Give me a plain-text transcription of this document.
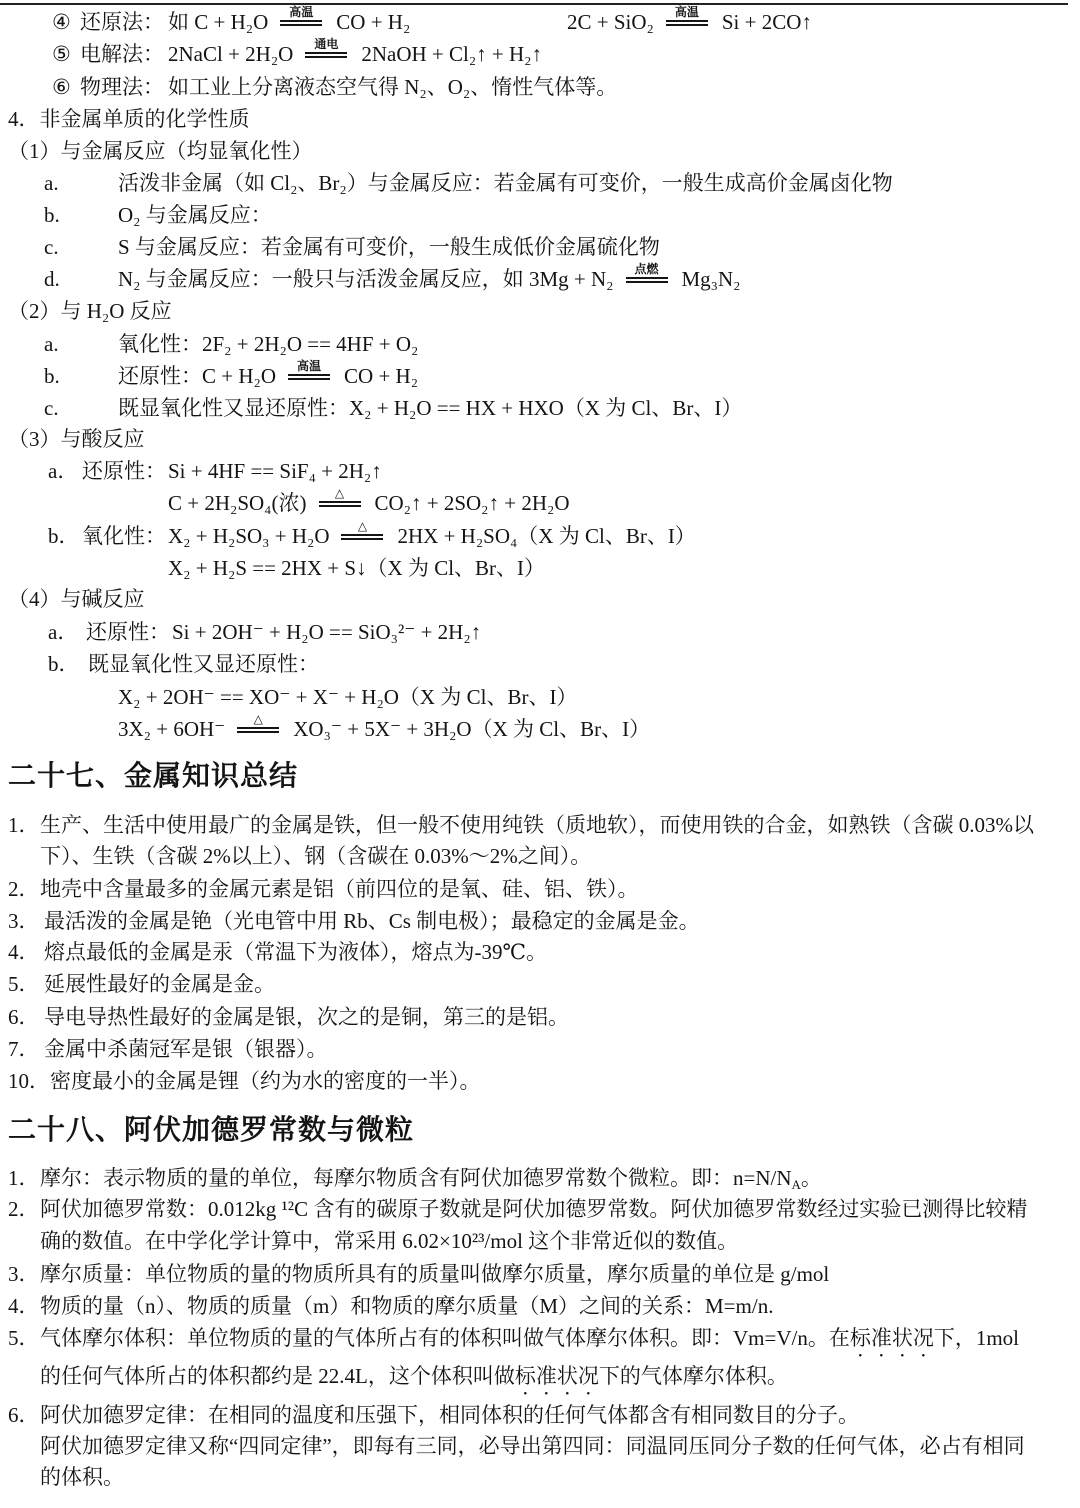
④ 还原法： 如 C + H₂O	高温	CO + H₂	2C + SiO₂	高温	Si + 2CO↑
⑤ 电解法： 2NaCl + 2H₂O	通电	2NaOH + Cl₂↑ + H₂↑
⑥ 物理法： 如工业上分离液态空气得 N₂、O₂、惰性气体等。
4．非金属单质的化学性质
（1）与金属反应（均显氧化性）
a.	活泼非金属（如 Cl₂、Br₂）与金属反应：若金属有可变价，一般生成高价金属卤化物
b.	O₂ 与金属反应：
c.	S 与金属反应：若金属有可变价，一般生成低价金属硫化物
d.	N₂ 与金属反应：一般只与活泼金属反应，如 3Mg + N₂	点燃	Mg₃N₂
（2）与 H₂O 反应
a.	氧化性：2F₂ + 2H₂O == 4HF + O₂
b.	还原性：C + H₂O	高温	CO + H₂
c.	既显氧化性又显还原性：X₂ + H₂O == HX + HXO（X 为 Cl、Br、I）
（3）与酸反应
a． 还原性： Si + 4HF == SiF₄ + 2H₂↑
C + 2H₂SO₄(浓)	△	CO₂↑ + 2SO₂↑ + 2H₂O
b． 氧化性： X₂ + H₂SO₃ + H₂O	△	2HX + H₂SO₄（X 为 Cl、Br、I）
X₂ + H₂S == 2HX + S↓（X 为 Cl、Br、I）
（4）与碱反应
a． 还原性： Si + 2OH⁻ + H₂O == SiO₃²⁻ + 2H₂↑
b． 既显氧化性又显还原性：
X₂ + 2OH⁻ == XO⁻ + X⁻ + H₂O（X 为 Cl、Br、I）
3X₂ + 6OH⁻	△	XO₃⁻ + 5X⁻ + 3H₂O（X 为 Cl、Br、I）
二十七、金属知识总结
1． 生产、生活中使用最广的金属是铁，但一般不使用纯铁（质地软），而使用铁的合金，如熟铁（含碳 0.03%以
下）、生铁（含碳 2%以上）、钢（含碳在 0.03%～2%之间）。
2． 地壳中含量最多的金属元素是铝（前四位的是氧、硅、铝、铁）。
3． 最活泼的金属是铯（光电管中用 Rb、Cs 制电极）；最稳定的金属是金。
4． 熔点最低的金属是汞（常温下为液体），熔点为-39℃。
5． 延展性最好的金属是金。
6． 导电导热性最好的金属是银，次之的是铜，第三的是铝。
7． 金属中杀菌冠军是银（银器）。
10． 密度最小的金属是锂（约为水的密度的一半）。
二十八、阿伏加德罗常数与微粒
1． 摩尔：表示物质的量的单位，每摩尔物质含有阿伏加德罗常数个微粒。即：$n=N/N_A$。
2． 阿伏加德罗常数：0.012kg ¹²C 含有的碳原子数就是阿伏加德罗常数。阿伏加德罗常数经过实验已测得比较精
确的数值。在中学化学计算中，常采用 6.02×10²³/mol 这个非常近似的数值。
3． 摩尔质量：单位物质的量的物质所具有的质量叫做摩尔质量，摩尔质量的单位是 g/mol
4． 物质的量（n）、物质的质量（m）和物质的摩尔质量（M）之间的关系：M=m/n.
5． 气体摩尔体积：单位物质的量的气体所占有的体积叫做气体摩尔体积。即：Vm=V/n。在标准状况下，1mol
的任何气体所占的体积都约是 22.4L，这个体积叫做标准状况下的气体摩尔体积。
6． 阿伏加德罗定律：在相同的温度和压强下，相同体积的任何气体都含有相同数目的分子。
阿伏加德罗定律又称“四同定律”，即每有三同，必导出第四同：同温同压同分子数的任何气体，必占有相同
的体积。
